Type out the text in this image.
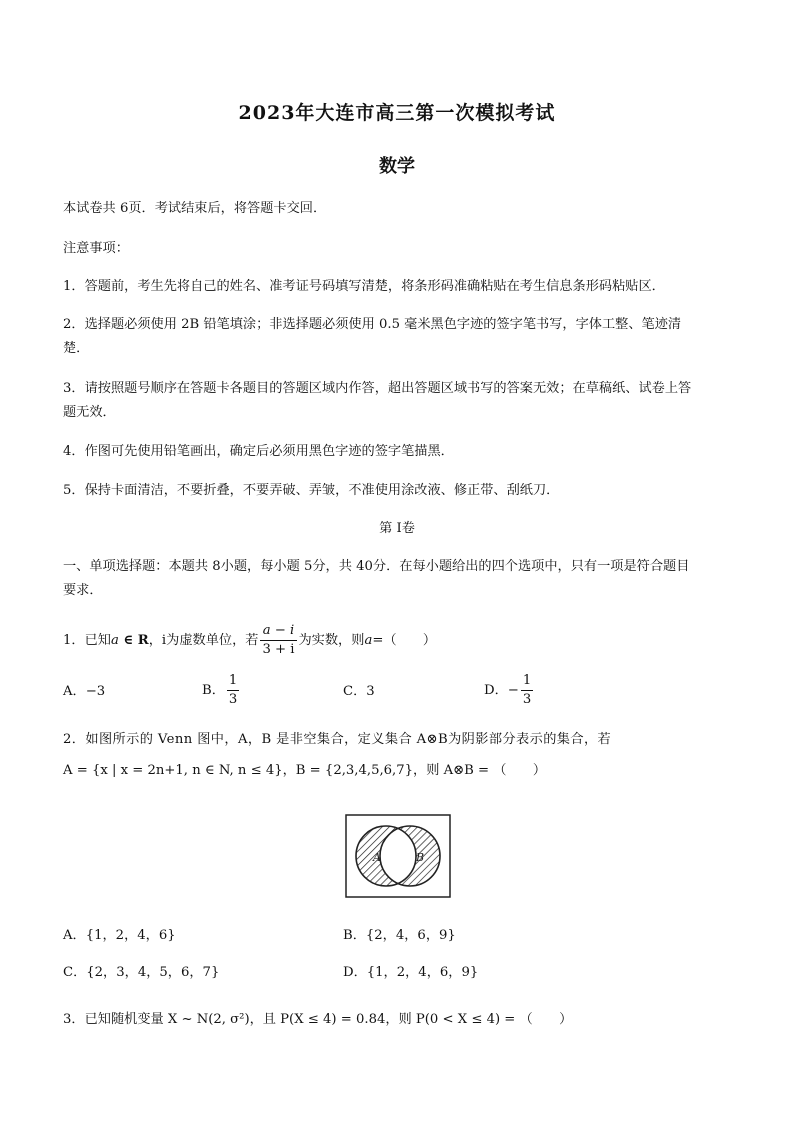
2023年大连市高三第一次模拟考试
数学
本试卷共 6页．考试结束后，将答题卡交回．
注意事项：
1．答题前，考生先将自己的姓名、准考证号码填写清楚，将条形码准确粘贴在考生信息条形码粘贴区．
2．选择题必须使用 2B 铅笔填涂；非选择题必须使用 0.5 毫米黑色字迹的签字笔书写，字体工整、笔迹清
楚．
3．请按照题号顺序在答题卡各题目的答题区域内作答，超出答题区域书写的答案无效；在草稿纸、试卷上答
题无效．
4．作图可先使用铅笔画出，确定后必须用黑色字迹的签字笔描黑．
5．保持卡面清洁，不要折叠，不要弄破、弄皱，不准使用涂改液、修正带、刮纸刀．
第 I卷
一、单项选择题：本题共 8小题，每小题 5分，共 40分．在每小题给出的四个选项中，只有一项是符合题目
要求．
1．已知a ∈ R，i为虚数单位，若 $\frac{a - i}{3 + i}$ 为实数，则a=（　　）
A．−3	B． $\frac{1}{3}$	C．3	D．− $\frac{1}{3}$
2．如图所示的 Venn 图中，A，B 是非空集合，定义集合 A⊗B为阴影部分表示的集合，若
A = {x | x = 2n+1, n ∈ N, n ≤ 4}，B = {2,3,4,5,6,7}，则 A⊗B = （　　）
A	B
A．{1，2，4，6}	B．{2，4，6，9}
C．{2，3，4，5，6，7}	D．{1，2，4，6，9}
3．已知随机变量 X ~ N(2, σ²)，且 P(X ≤ 4) = 0.84，则 P(0 < X ≤ 4) = （　　）
